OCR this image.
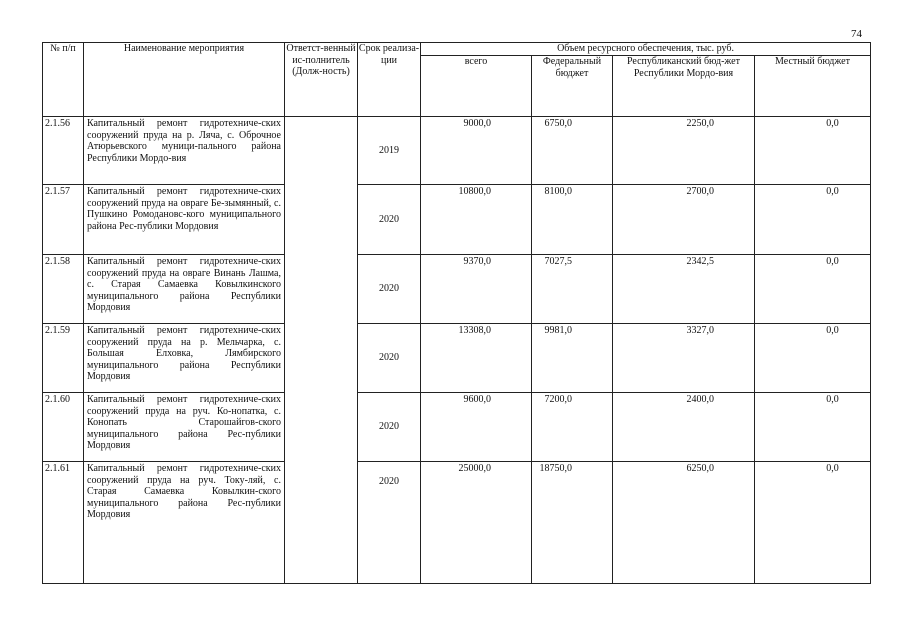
74
№ п/п	Наименование мероприятия	Ответст-венный ис-полнитель (Долж-ность)	Срок реализа-ции	Объем ресурсного обеспечения, тыс. руб.			
				всего	Федеральный бюджет	Республиканский бюд-жет Республики Мордо-вия	Местный бюджет
2.1.56	Капитальный ремонт гидротехниче-ских сооружений пруда на р. Ляча, с. Оброчное Атюрьевского муници-пального района Республики Мордо-вия		2019	9000,0	6750,0	2250,0	0,0
2.1.57	Капитальный ремонт гидротехниче-ских сооружений пруда на овраге Бе-зымянный, с. Пушкино Ромодановс-кого муниципального района Рес-публики Мордовия		2020	10800,0	8100,0	2700,0	0,0
2.1.58	Капитальный ремонт гидротехниче-ских сооружений пруда на овраге Винань Лашма, с. Старая Самаевка Ковылкинского муниципального района Республики Мордовия		2020	9370,0	7027,5	2342,5	0,0
2.1.59	Капитальный ремонт гидротехниче-ских сооружений пруда на р. Мельчарка, с. Большая Елховка, Лямбирского муниципального района Республики Мордовия		2020	13308,0	9981,0	3327,0	0,0
2.1.60	Капитальный ремонт гидротехниче-ских сооружений пруда на руч. Ко-нопатка, с. Конопать Старошайгов-ского муниципального района Рес-публики Мордовия		2020	9600,0	7200,0	2400,0	0,0
2.1.61	Капитальный ремонт гидротехниче-ских сооружений пруда на руч. Току-ляй, с. Старая Самаевка Ковылкин-ского муниципального района Рес-публики Мордовия		2020	25000,0	18750,0	6250,0	0,0
